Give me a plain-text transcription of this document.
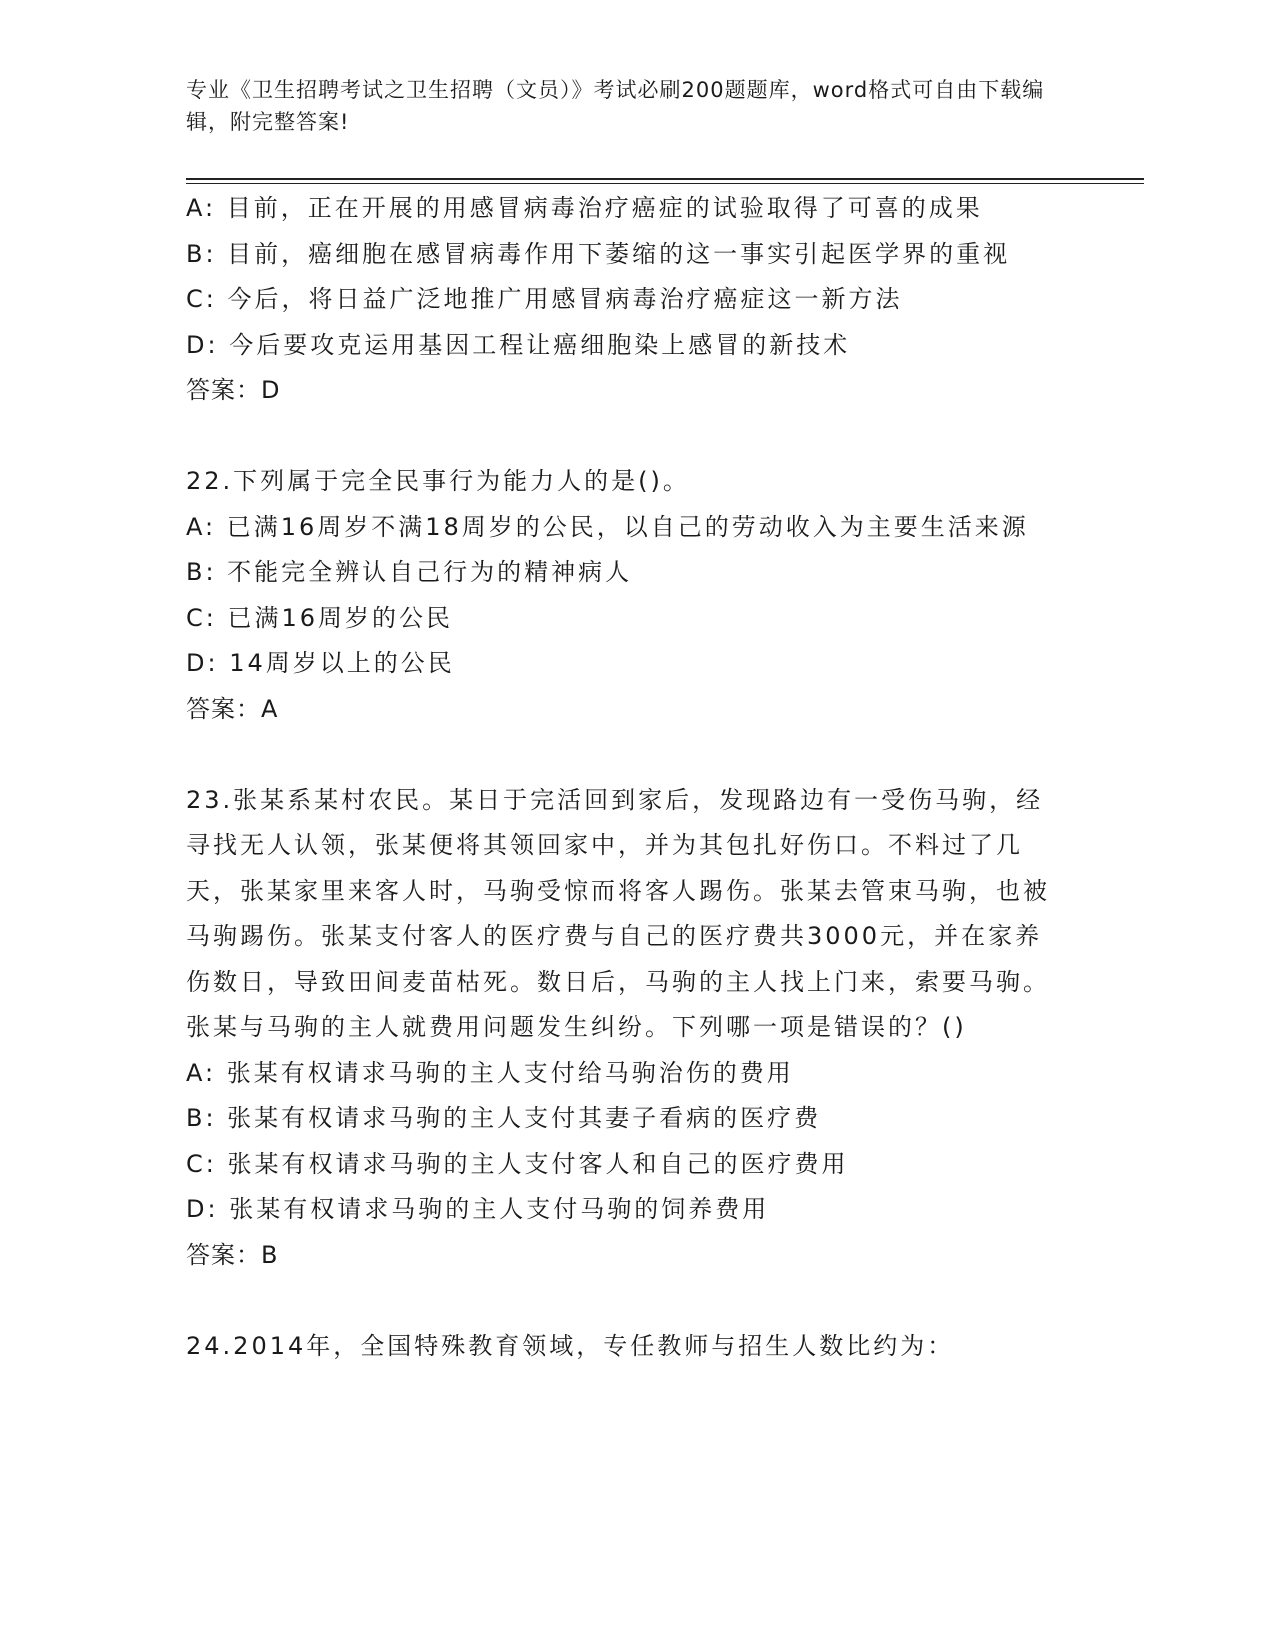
专业《卫生招聘考试之卫生招聘（文员）》考试必刷200题题库，word格式可自由下载编辑，附完整答案!
A: 目前，正在开展的用感冒病毒治疗癌症的试验取得了可喜的成果
B: 目前，癌细胞在感冒病毒作用下萎缩的这一事实引起医学界的重视
C: 今后，将日益广泛地推广用感冒病毒治疗癌症这一新方法
D: 今后要攻克运用基因工程让癌细胞染上感冒的新技术
答案：D
22.下列属于完全民事行为能力人的是()。
A: 已满16周岁不满18周岁的公民，以自己的劳动收入为主要生活来源
B: 不能完全辨认自己行为的精神病人
C: 已满16周岁的公民
D: 14周岁以上的公民
答案：A
23.张某系某村农民。某日于完活回到家后，发现路边有一受伤马驹，经寻找无人认领，张某便将其领回家中，并为其包扎好伤口。不料过了几天，张某家里来客人时，马驹受惊而将客人踢伤。张某去管束马驹，也被马驹踢伤。张某支付客人的医疗费与自己的医疗费共3000元，并在家养伤数日，导致田间麦苗枯死。数日后，马驹的主人找上门来，索要马驹。张某与马驹的主人就费用问题发生纠纷。下列哪一项是错误的？()
A: 张某有权请求马驹的主人支付给马驹治伤的费用
B: 张某有权请求马驹的主人支付其妻子看病的医疗费
C: 张某有权请求马驹的主人支付客人和自己的医疗费用
D: 张某有权请求马驹的主人支付马驹的饲养费用
答案：B
24.2014年，全国特殊教育领域，专任教师与招生人数比约为：
